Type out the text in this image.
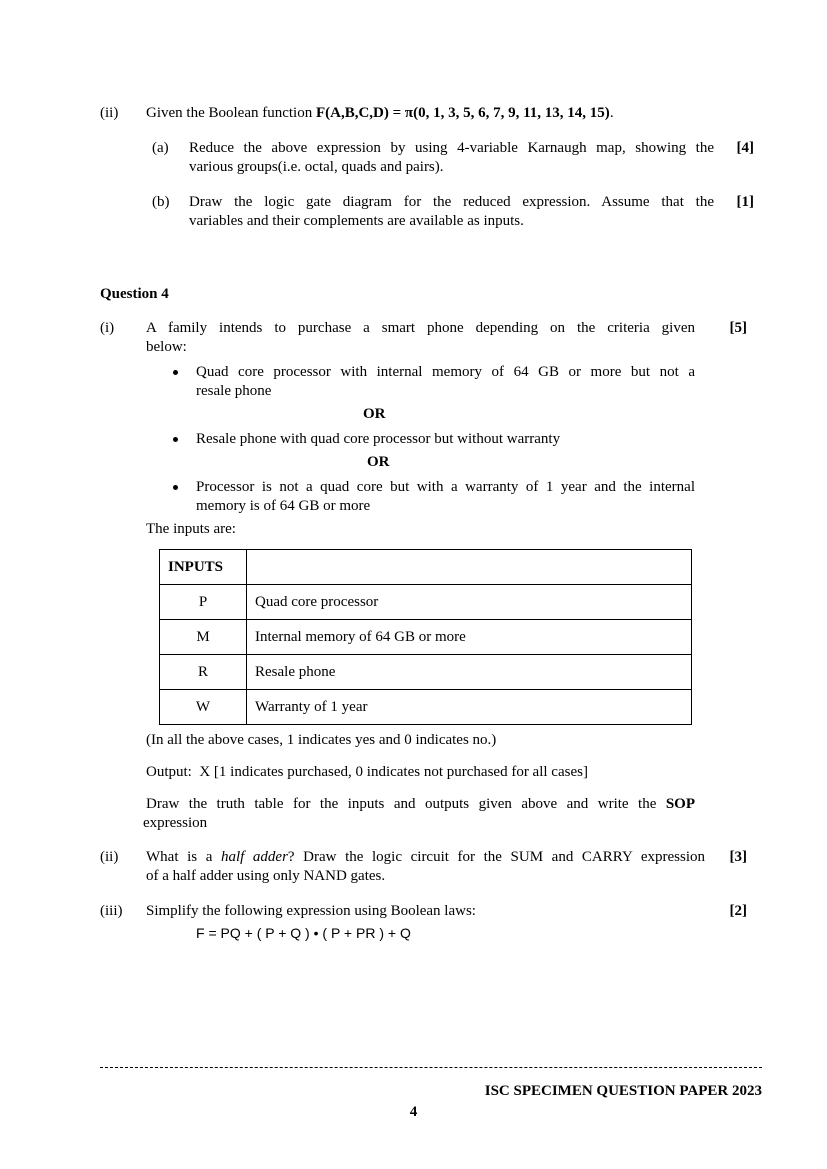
(ii) Given the Boolean function F(A,B,C,D) = π(0, 1, 3, 5, 6, 7, 9, 11, 13, 14, 15).
(a) Reduce the above expression by using 4-variable Karnaugh map, showing the
various groups(i.e. octal, quads and pairs).
[4]
(b) Draw the logic gate diagram for the reduced expression. Assume that the
variables and their complements are available as inputs.
[1]
Question 4
(i) A family intends to purchase a smart phone depending on the criteria given
below:
[5]
Quad core processor with internal memory of 64 GB or more but not a
resale phone
OR
Resale phone with quad core processor but without warranty
OR
Processor is not a quad core but with a warranty of 1 year and the internal
memory is of 64 GB or more
The inputs are:
INPUTS	
P	Quad core processor
M	Internal memory of 64 GB or more
R	Resale phone
W	Warranty of 1 year
(In all the above cases, 1 indicates yes and 0 indicates no.)
Output:  X [1 indicates purchased, 0 indicates not purchased for all cases]
Draw the truth table for the inputs and outputs given above and write the SOP
expression
(ii) What is a half adder? Draw the logic circuit for the SUM and CARRY expression
of a half adder using only NAND gates.
[3]
(iii) Simplify the following expression using Boolean laws:	[2]
F = PQ + ( P + Q ) • ( P + PR ) + Q
ISC SPECIMEN QUESTION PAPER 2023
4
